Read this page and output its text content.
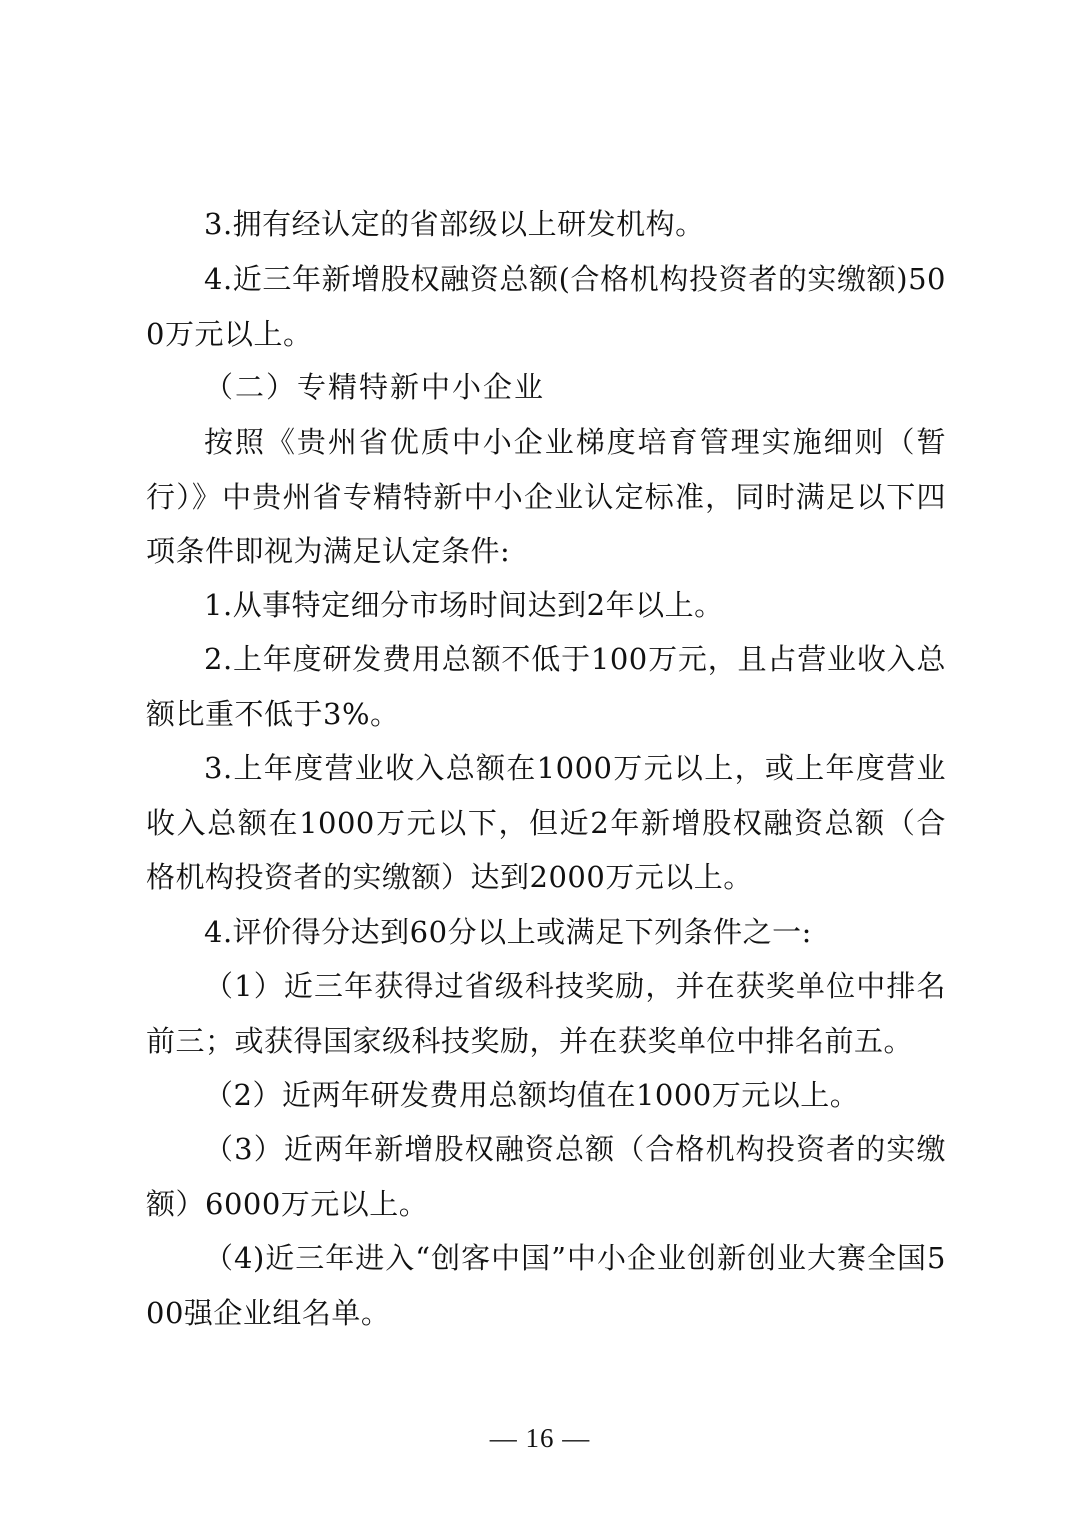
3.拥有经认定的省部级以上研发机构。

4.近三年新增股权融资总额(合格机构投资者的实缴额)500万元以上。

（二）专精特新中小企业

按照《贵州省优质中小企业梯度培育管理实施细则（暂行）》中贵州省专精特新中小企业认定标准，同时满足以下四项条件即视为满足认定条件:

1.从事特定细分市场时间达到2年以上。

2.上年度研发费用总额不低于100万元，且占营业收入总额比重不低于3%。

3.上年度营业收入总额在1000万元以上，或上年度营业收入总额在1000万元以下，但近2年新增股权融资总额（合格机构投资者的实缴额）达到2000万元以上。

4.评价得分达到60分以上或满足下列条件之一:

（1）近三年获得过省级科技奖励，并在获奖单位中排名前三；或获得国家级科技奖励，并在获奖单位中排名前五。

（2）近两年研发费用总额均值在1000万元以上。

（3）近两年新增股权融资总额（合格机构投资者的实缴额）6000万元以上。

（4)近三年进入“创客中国”中小企业创新创业大赛全国500强企业组名单。

— 16 —
